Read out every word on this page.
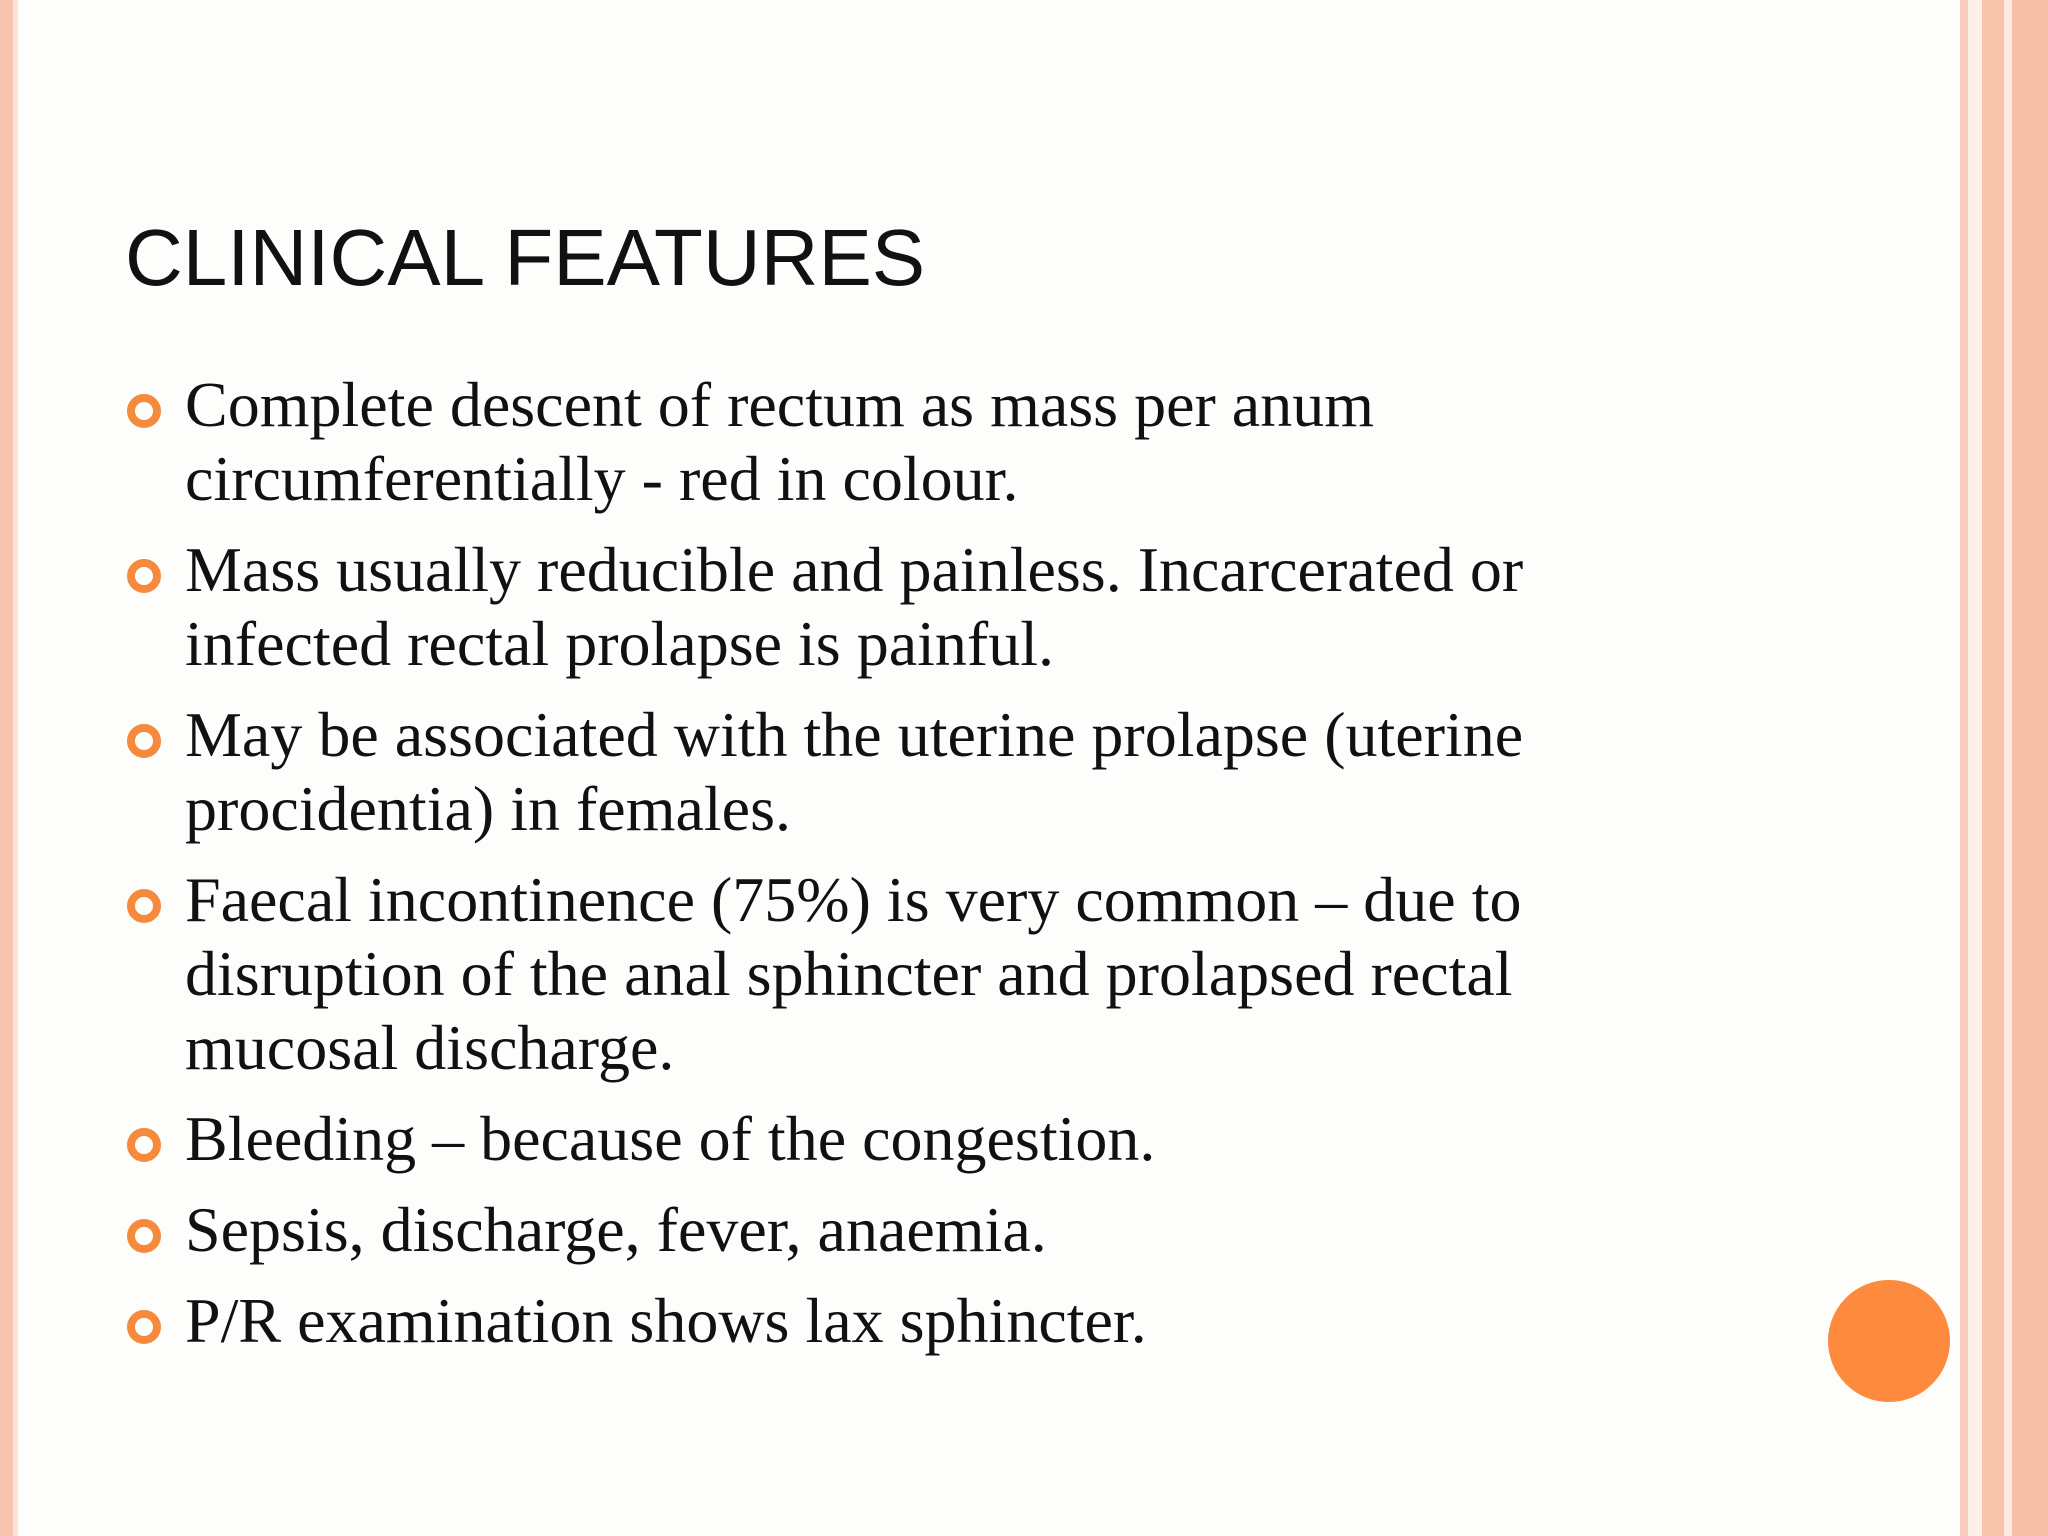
CLINICAL FEATURES
Complete descent of rectum as mass per anum circumferentially - red in colour.
Mass usually reducible and painless. Incarcerated or infected rectal prolapse is painful.
May be associated with the uterine prolapse (uterine procidentia) in females.
Faecal incontinence (75%) is very common – due to disruption of the anal sphincter and prolapsed rectal mucosal discharge.
Bleeding – because of the congestion.
Sepsis, discharge, fever, anaemia.
P/R examination shows lax sphincter.
